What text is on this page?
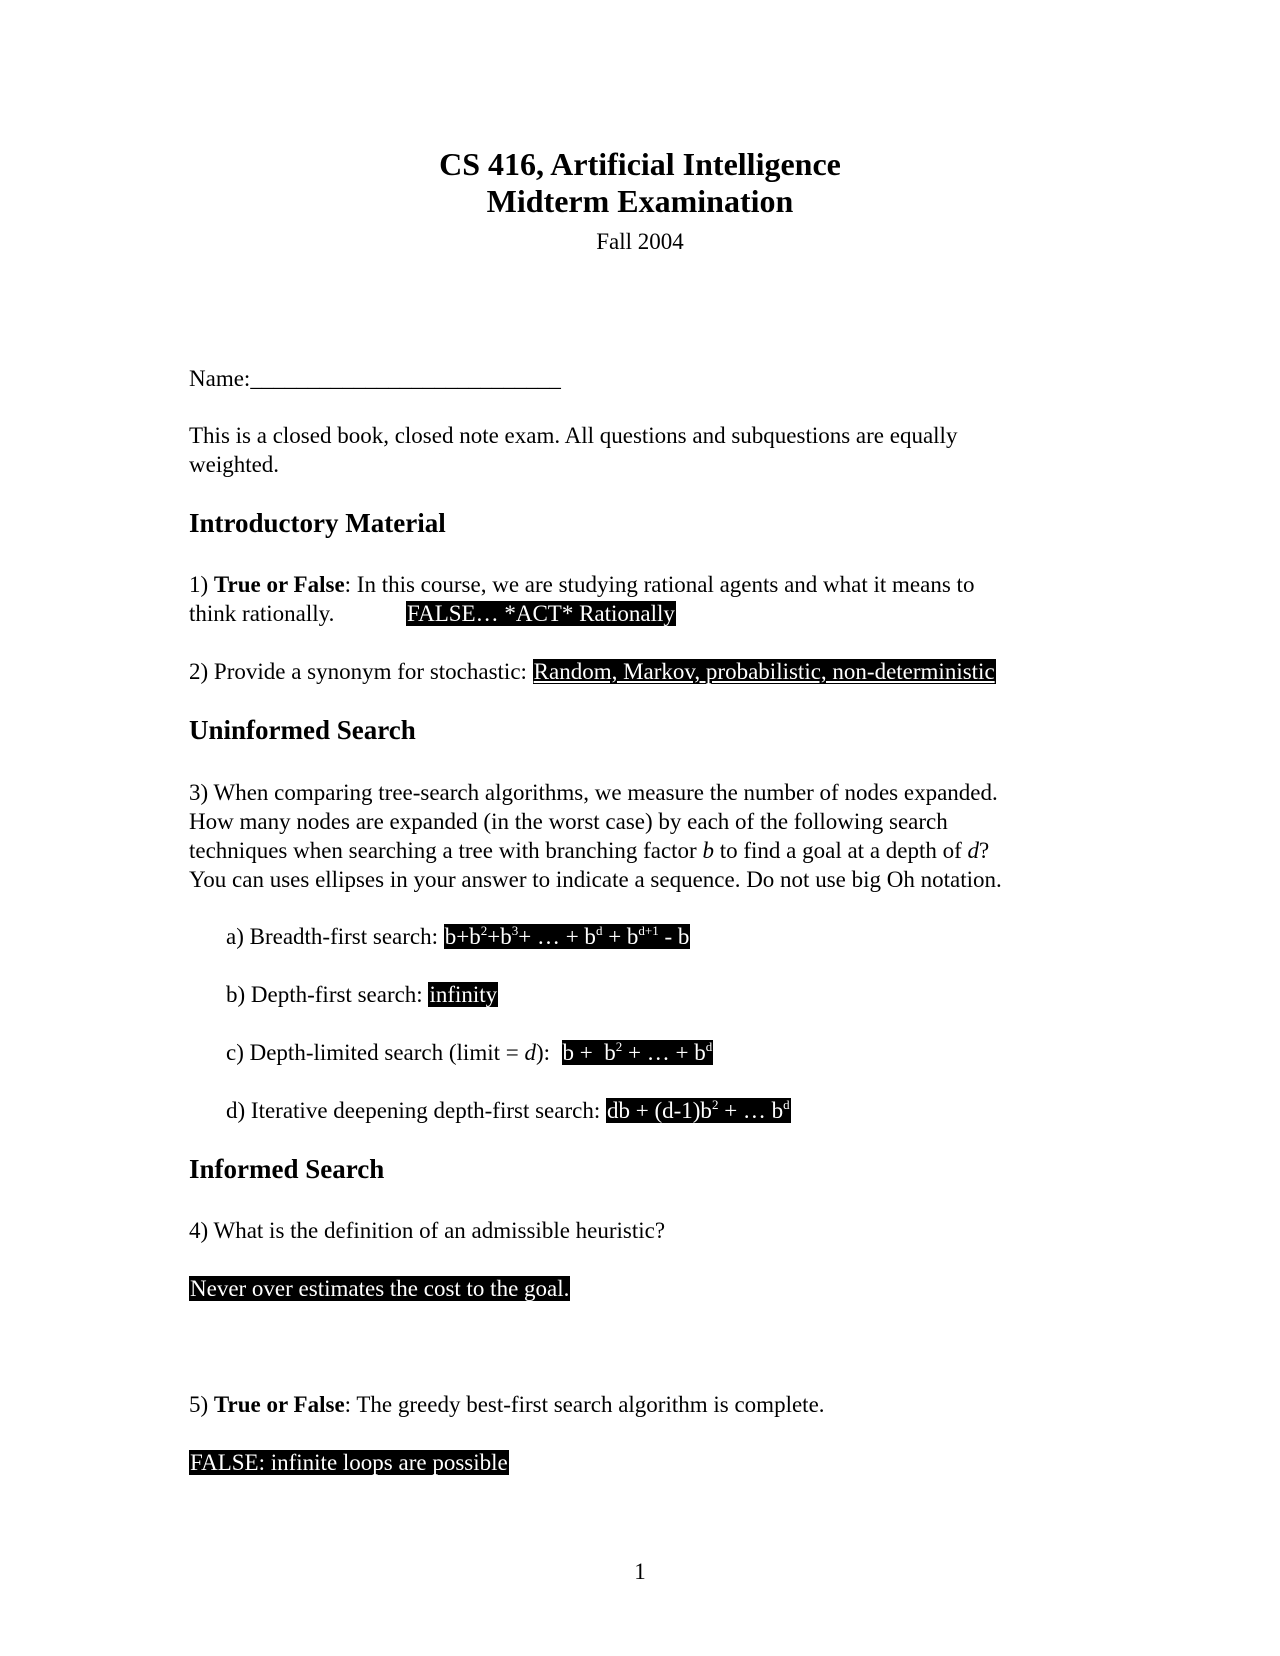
CS 416, Artificial Intelligence
Midterm Examination
Fall 2004
Name:___________________________
This is a closed book, closed note exam. All questions and subquestions are equally
weighted.
Introductory Material
1) True or False: In this course, we are studying rational agents and what it means to
think rationally.	FALSE… *ACT* Rationally
2) Provide a synonym for stochastic: Random, Markov, probabilistic, non-deterministic
Uninformed Search
3) When comparing tree-search algorithms, we measure the number of nodes expanded.
How many nodes are expanded (in the worst case) by each of the following search
techniques when searching a tree with branching factor b to find a goal at a depth of d?
You can uses ellipses in your answer to indicate a sequence. Do not use big Oh notation.
a) Breadth-first search: $b+b^2+b^3+$ … + $b^d + b^{d+1} - b$
b) Depth-first search: infinity
c) Depth-limited search (limit = d):  $b + b^2$ + … + $b^d$
d) Iterative deepening depth-first search: db + $(d-1)b^2$ + … $b^d$
Informed Search
4) What is the definition of an admissible heuristic?
Never over estimates the cost to the goal.
5) True or False: The greedy best-first search algorithm is complete.
FALSE: infinite loops are possible
1
